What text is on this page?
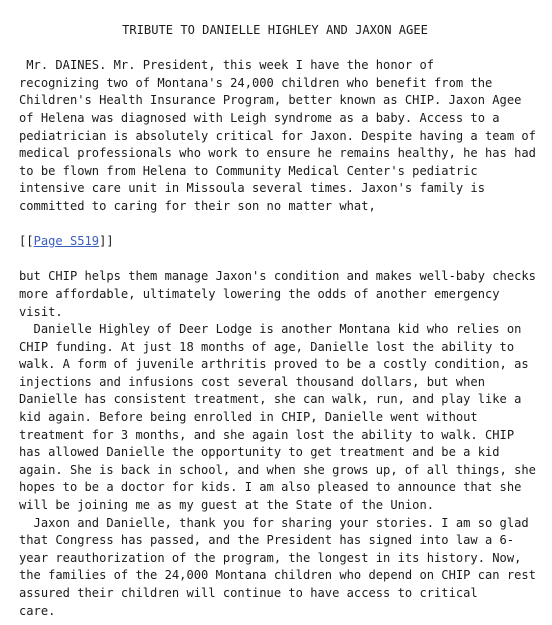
TRIBUTE TO DANIELLE HIGHLEY AND JAXON AGEE
Mr. DAINES. Mr. President, this week I have the honor of
recognizing two of Montana's 24,000 children who benefit from the
Children's Health Insurance Program, better known as CHIP. Jaxon Agee
of Helena was diagnosed with Leigh syndrome as a baby. Access to a
pediatrician is absolutely critical for Jaxon. Despite having a team of
medical professionals who work to ensure he remains healthy, he has had
to be flown from Helena to Community Medical Center's pediatric
intensive care unit in Missoula several times. Jaxon's family is
committed to caring for their son no matter what,
[[Page S519]]
but CHIP helps them manage Jaxon's condition and makes well-baby checks
more affordable, ultimately lowering the odds of another emergency
visit.
Danielle Highley of Deer Lodge is another Montana kid who relies on
CHIP funding. At just 18 months of age, Danielle lost the ability to
walk. A form of juvenile arthritis proved to be a costly condition, as
injections and infusions cost several thousand dollars, but when
Danielle has consistent treatment, she can walk, run, and play like a
kid again. Before being enrolled in CHIP, Danielle went without
treatment for 3 months, and she again lost the ability to walk. CHIP
has allowed Danielle the opportunity to get treatment and be a kid
again. She is back in school, and when she grows up, of all things, she
hopes to be a doctor for kids. I am also pleased to announce that she
will be joining me as my guest at the State of the Union.
Jaxon and Danielle, thank you for sharing your stories. I am so glad
that Congress has passed, and the President has signed into law a 6-
year reauthorization of the program, the longest in its history. Now,
the families of the 24,000 Montana children who depend on CHIP can rest
assured their children will continue to have access to critical
care.
